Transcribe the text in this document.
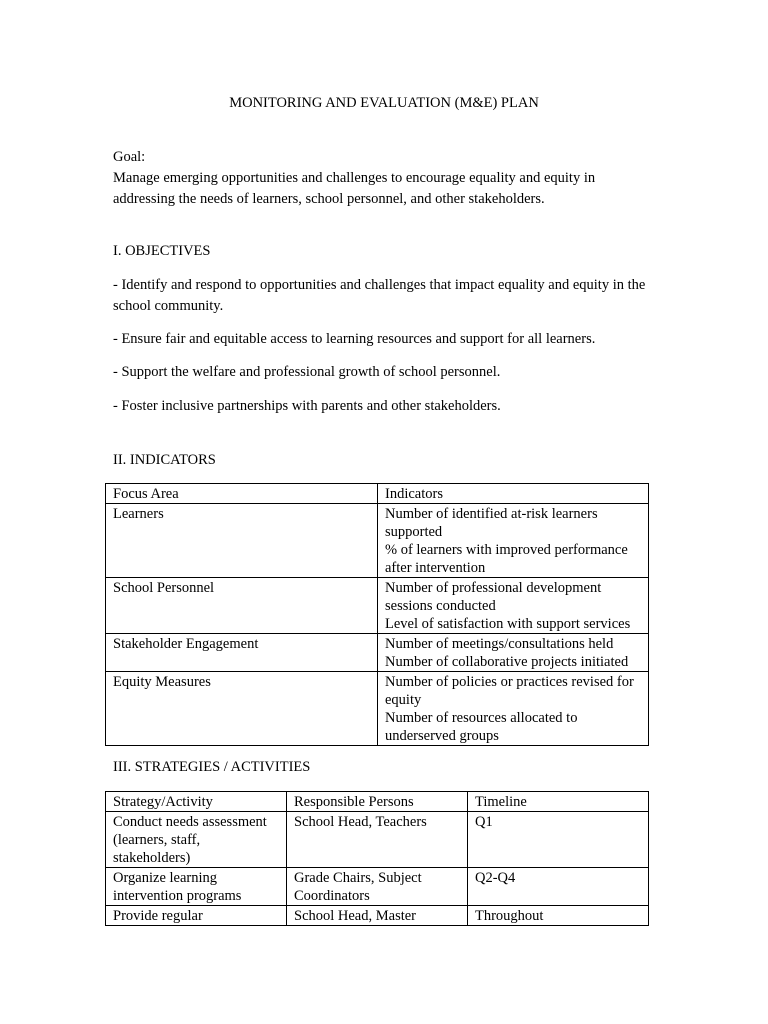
MONITORING AND EVALUATION (M&E) PLAN
Goal:
Manage emerging opportunities and challenges to encourage equality and equity in addressing the needs of learners, school personnel, and other stakeholders.
I. OBJECTIVES
- Identify and respond to opportunities and challenges that impact equality and equity in the school community.
- Ensure fair and equitable access to learning resources and support for all learners.
- Support the welfare and professional growth of school personnel.
- Foster inclusive partnerships with parents and other stakeholders.
II. INDICATORS
Focus Area	Indicators
Learners	Number of identified at-risk learners supported
% of learners with improved performance after intervention

School Personnel	Number of professional development sessions conducted
Level of satisfaction with support services

Stakeholder Engagement	Number of meetings/consultations held
Number of collaborative projects initiated

Equity Measures	Number of policies or practices revised for equity
Number of resources allocated to underserved groups
III. STRATEGIES / ACTIVITIES
Strategy/Activity	Responsible Persons	Timeline
Conduct needs assessment (learners, staff, stakeholders)	School Head, Teachers	Q1
Organize learning intervention programs	Grade Chairs, Subject Coordinators	Q2-Q4
Provide regular	School Head, Master	Throughout
